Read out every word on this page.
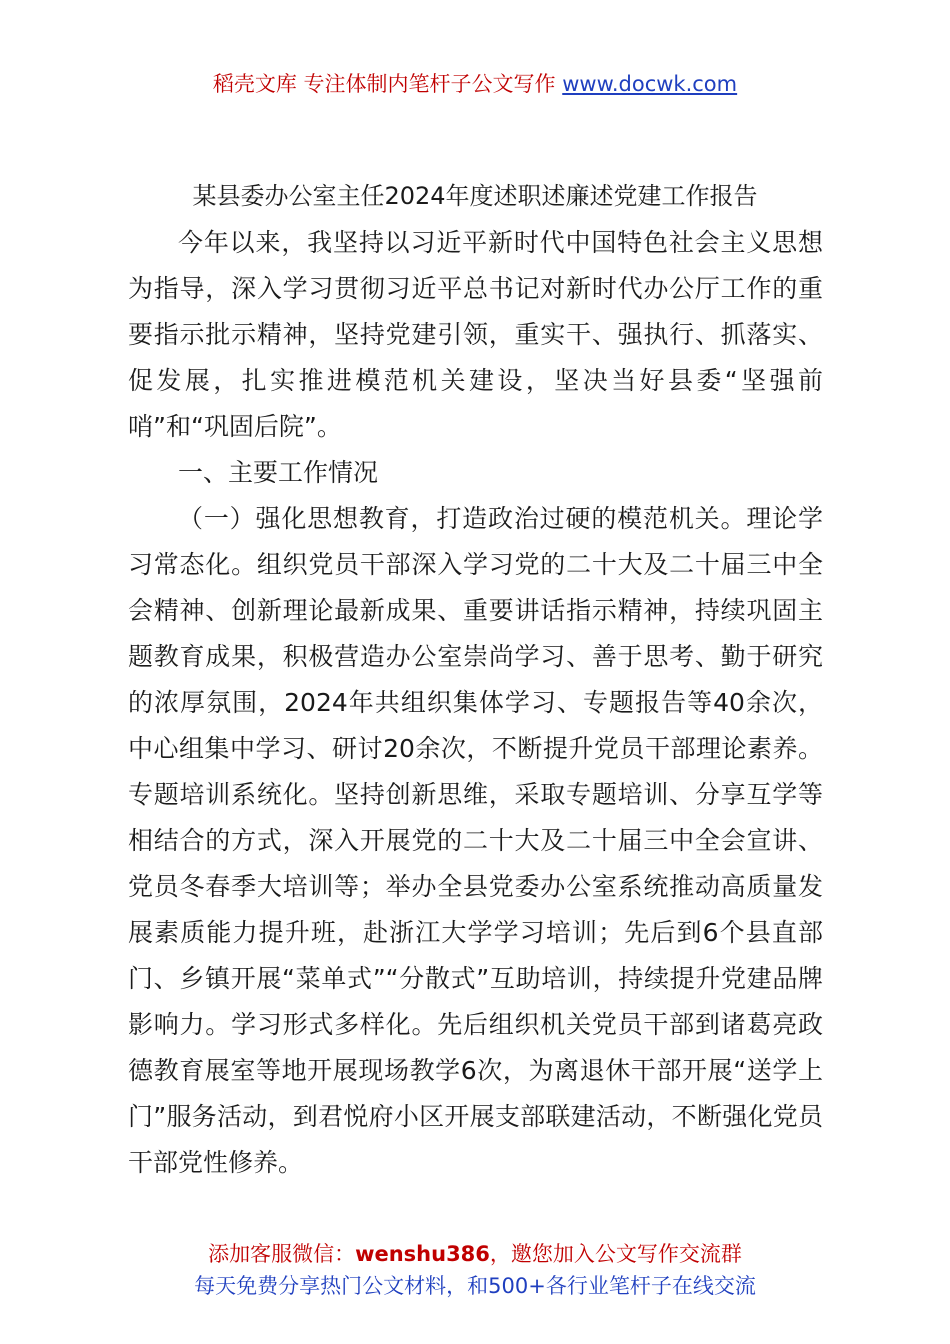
稻壳文库 专注体制内笔杆子公文写作 www.docwk.com
某县委办公室主任2024年度述职述廉述党建工作报告

今年以来，我坚持以习近平新时代中国特色社会主义思想为指导，深入学习贯彻习近平总书记对新时代办公厅工作的重要指示批示精神，坚持党建引领，重实干、强执行、抓落实、促发展，扎实推进模范机关建设，坚决当好县委“坚强前哨”和“巩固后院”。

一、主要工作情况

（一）强化思想教育，打造政治过硬的模范机关。理论学习常态化。组织党员干部深入学习党的二十大及二十届三中全会精神、创新理论最新成果、重要讲话指示精神，持续巩固主题教育成果，积极营造办公室崇尚学习、善于思考、勤于研究的浓厚氛围，2024年共组织集体学习、专题报告等40余次，中心组集中学习、研讨20余次，不断提升党员干部理论素养。专题培训系统化。坚持创新思维，采取专题培训、分享互学等相结合的方式，深入开展党的二十大及二十届三中全会宣讲、党员冬春季大培训等；举办全县党委办公室系统推动高质量发展素质能力提升班，赴浙江大学学习培训；先后到6个县直部门、乡镇开展“菜单式”“分散式”互助培训，持续提升党建品牌影响力。学习形式多样化。先后组织机关党员干部到诸葛亮政德教育展室等地开展现场教学6次，为离退休干部开展“送学上门”服务活动，到君悦府小区开展支部联建活动，不断强化党员干部党性修养。

添加客服微信：wenshu386，邀您加入公文写作交流群
每天免费分享热门公文材料，和500+各行业笔杆子在线交流
